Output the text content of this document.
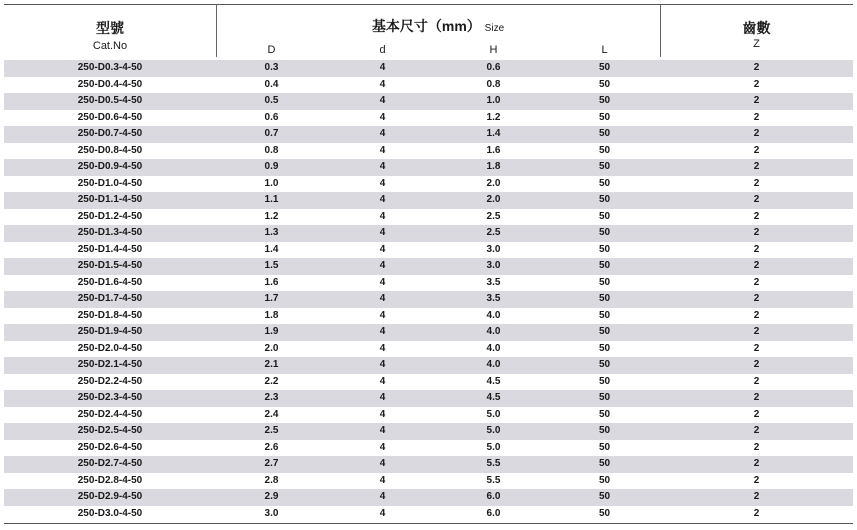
型號
Cat.No
基本尺寸（mm） Size
D	d	H	L
齒數
Z
250-D0.3-4-50	0.3	4	0.6	50	2
250-D0.4-4-50	0.4	4	0.8	50	2
250-D0.5-4-50	0.5	4	1.0	50	2
250-D0.6-4-50	0.6	4	1.2	50	2
250-D0.7-4-50	0.7	4	1.4	50	2
250-D0.8-4-50	0.8	4	1.6	50	2
250-D0.9-4-50	0.9	4	1.8	50	2
250-D1.0-4-50	1.0	4	2.0	50	2
250-D1.1-4-50	1.1	4	2.0	50	2
250-D1.2-4-50	1.2	4	2.5	50	2
250-D1.3-4-50	1.3	4	2.5	50	2
250-D1.4-4-50	1.4	4	3.0	50	2
250-D1.5-4-50	1.5	4	3.0	50	2
250-D1.6-4-50	1.6	4	3.5	50	2
250-D1.7-4-50	1.7	4	3.5	50	2
250-D1.8-4-50	1.8	4	4.0	50	2
250-D1.9-4-50	1.9	4	4.0	50	2
250-D2.0-4-50	2.0	4	4.0	50	2
250-D2.1-4-50	2.1	4	4.0	50	2
250-D2.2-4-50	2.2	4	4.5	50	2
250-D2.3-4-50	2.3	4	4.5	50	2
250-D2.4-4-50	2.4	4	5.0	50	2
250-D2.5-4-50	2.5	4	5.0	50	2
250-D2.6-4-50	2.6	4	5.0	50	2
250-D2.7-4-50	2.7	4	5.5	50	2
250-D2.8-4-50	2.8	4	5.5	50	2
250-D2.9-4-50	2.9	4	6.0	50	2
250-D3.0-4-50	3.0	4	6.0	50	2
